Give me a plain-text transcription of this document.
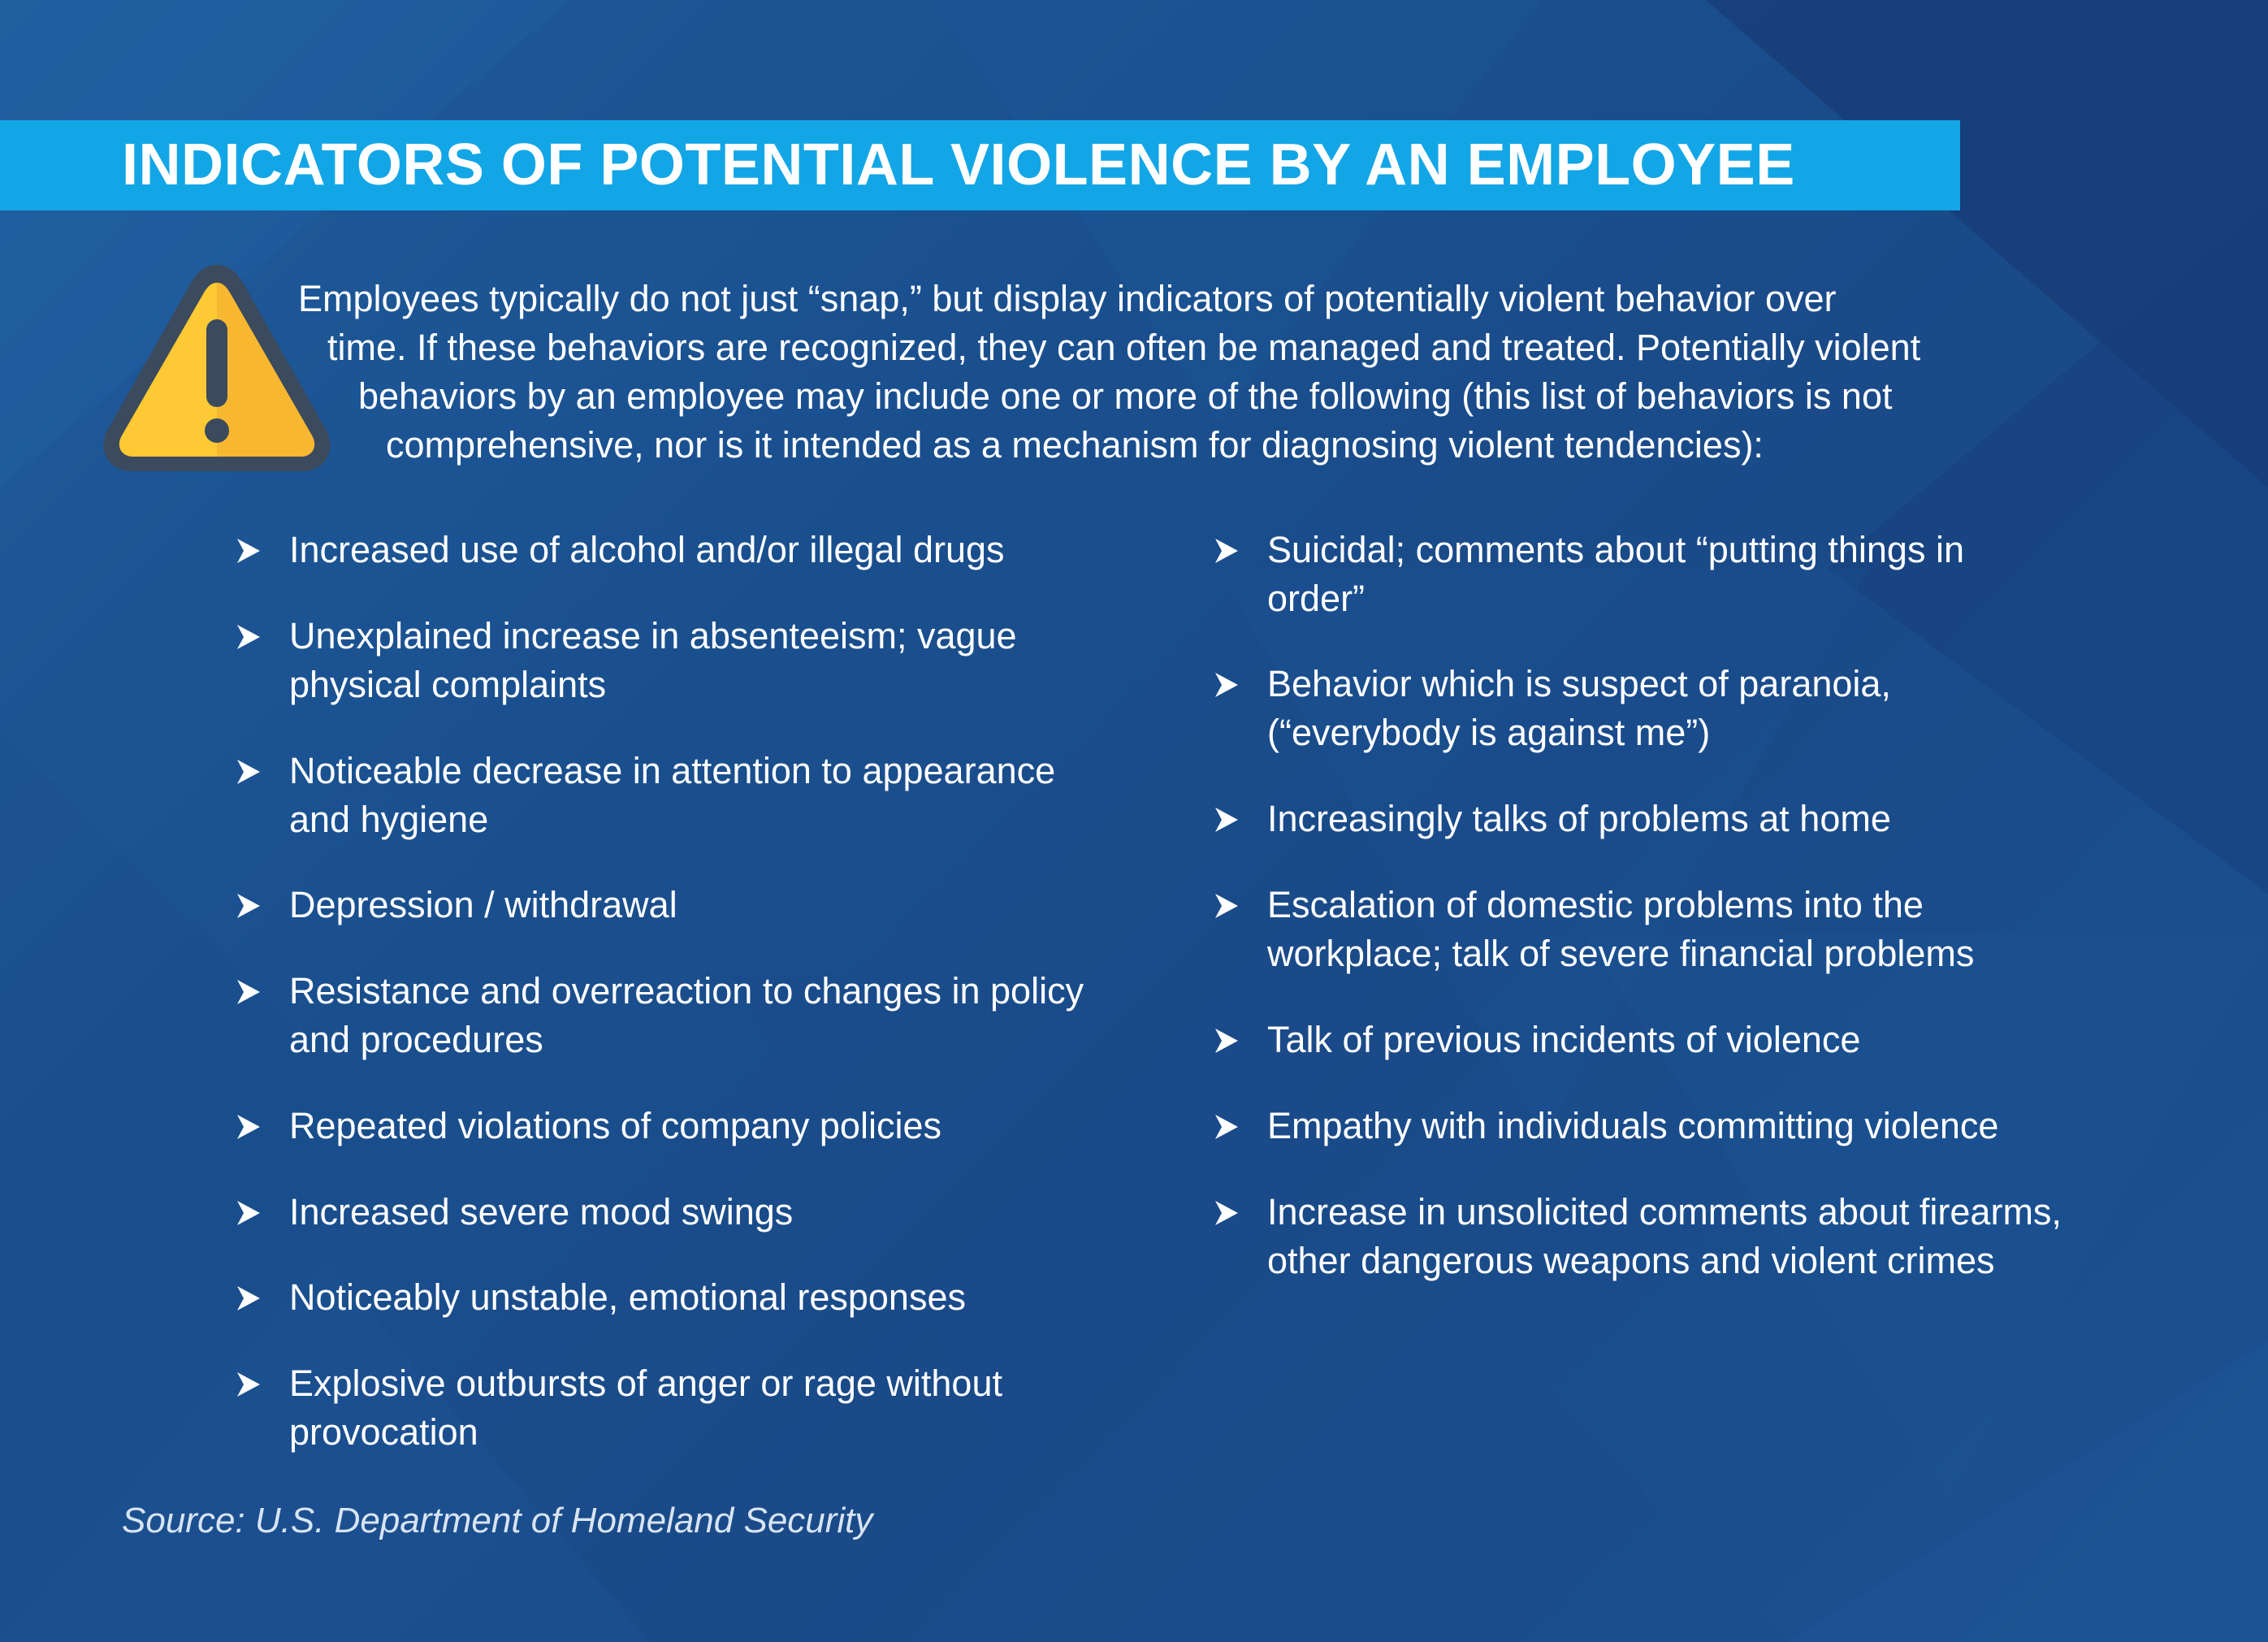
INDICATORS OF POTENTIAL VIOLENCE BY AN EMPLOYEE
Employees typically do not just “snap,” but display indicators of potentially violent behavior over
time. If these behaviors are recognized, they can often be managed and treated. Potentially violent
behaviors by an employee may include one or more of the following (this list of behaviors is not
comprehensive, nor is it intended as a mechanism for diagnosing violent tendencies):
Increased use of alcohol and/or illegal drugs
Unexplained increase in absenteeism; vague
physical complaints
Noticeable decrease in attention to appearance
and hygiene
Depression / withdrawal
Resistance and overreaction to changes in policy
and procedures
Repeated violations of company policies
Increased severe mood swings
Noticeably unstable, emotional responses
Explosive outbursts of anger or rage without
provocation
Suicidal; comments about “putting things in
order”
Behavior which is suspect of paranoia,
(“everybody is against me”)
Increasingly talks of problems at home
Escalation of domestic problems into the
workplace; talk of severe financial problems
Talk of previous incidents of violence
Empathy with individuals committing violence
Increase in unsolicited comments about firearms,
other dangerous weapons and violent crimes
Source: U.S. Department of Homeland Security
